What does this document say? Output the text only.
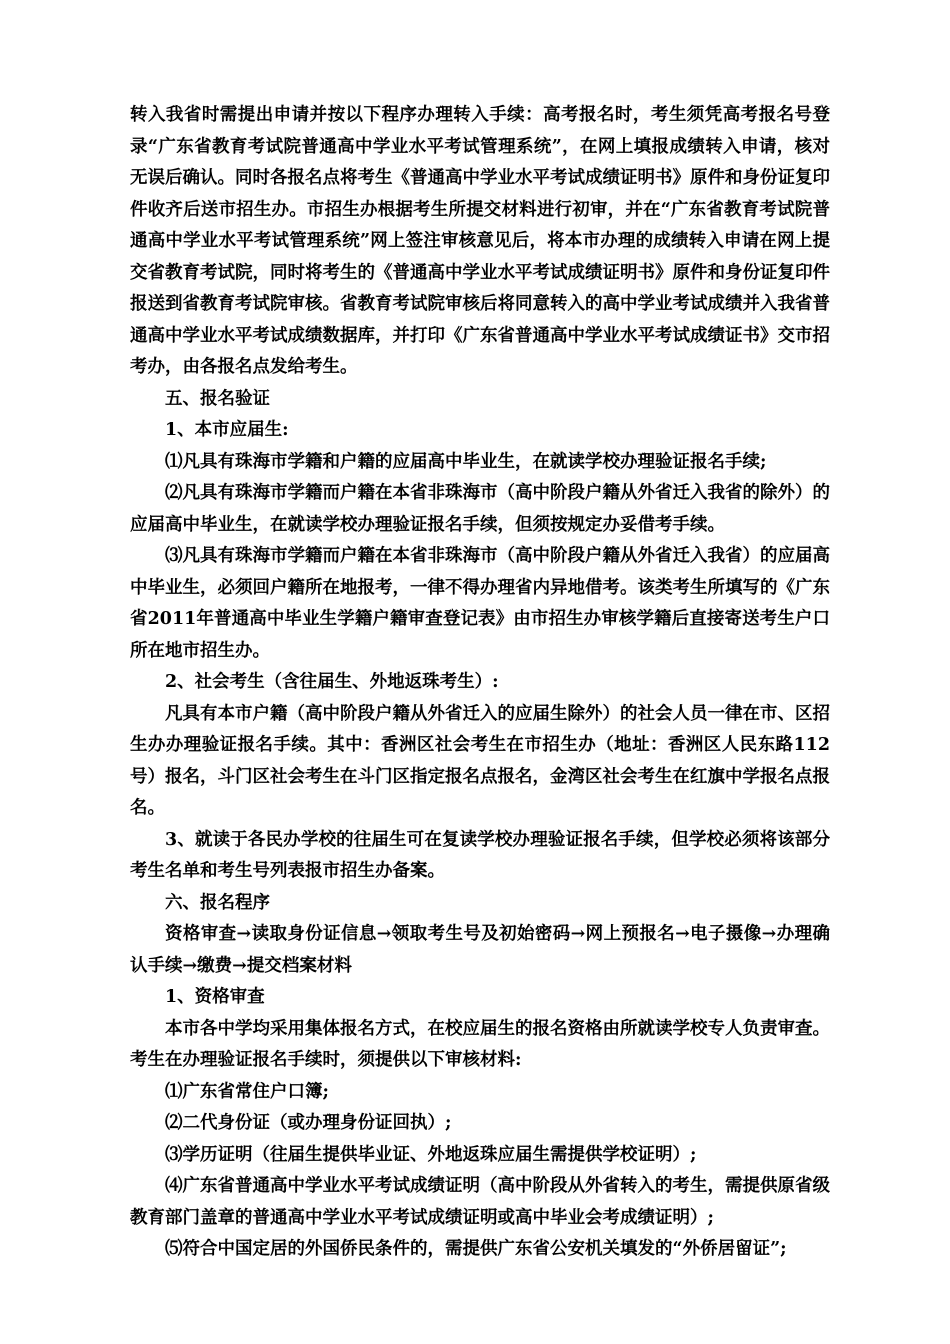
转入我省时需提出申请并按以下程序办理转入手续：高考报名时，考生须凭高考报名号登录“广东省教育考试院普通高中学业水平考试管理系统”，在网上填报成绩转入申请，核对无误后确认。同时各报名点将考生《普通高中学业水平考试成绩证明书》原件和身份证复印件收齐后送市招生办。市招生办根据考生所提交材料进行初审，并在“广东省教育考试院普通高中学业水平考试管理系统”网上签注审核意见后，将本市办理的成绩转入申请在网上提交省教育考试院，同时将考生的《普通高中学业水平考试成绩证明书》原件和身份证复印件报送到省教育考试院审核。省教育考试院审核后将同意转入的高中学业考试成绩并入我省普通高中学业水平考试成绩数据库，并打印《广东省普通高中学业水平考试成绩证书》交市招考办，由各报名点发给考生。

五、报名验证

1、本市应届生:

⑴凡具有珠海市学籍和户籍的应届高中毕业生，在就读学校办理验证报名手续;

⑵凡具有珠海市学籍而户籍在本省非珠海市（高中阶段户籍从外省迁入我省的除外）的应届高中毕业生，在就读学校办理验证报名手续，但须按规定办妥借考手续。

⑶凡具有珠海市学籍而户籍在本省非珠海市（高中阶段户籍从外省迁入我省）的应届高中毕业生，必须回户籍所在地报考，一律不得办理省内异地借考。该类考生所填写的《广东省2011年普通高中毕业生学籍户籍审查登记表》由市招生办审核学籍后直接寄送考生户口所在地市招生办。

2、社会考生（含往届生、外地返珠考生）:

凡具有本市户籍（高中阶段户籍从外省迁入的应届生除外）的社会人员一律在市、区招生办办理验证报名手续。其中：香洲区社会考生在市招生办（地址：香洲区人民东路112号）报名，斗门区社会考生在斗门区指定报名点报名，金湾区社会考生在红旗中学报名点报名。

3、就读于各民办学校的往届生可在复读学校办理验证报名手续，但学校必须将该部分考生名单和考生号列表报市招生办备案。

六、报名程序

资格审查→读取身份证信息→领取考生号及初始密码→网上预报名→电子摄像→办理确认手续→缴费→提交档案材料

1、资格审查

本市各中学均采用集体报名方式，在校应届生的报名资格由所就读学校专人负责审查。考生在办理验证报名手续时，须提供以下审核材料:

⑴广东省常住户口簿;

⑵二代身份证（或办理身份证回执）;

⑶学历证明（往届生提供毕业证、外地返珠应届生需提供学校证明）;

⑷广东省普通高中学业水平考试成绩证明（高中阶段从外省转入的考生，需提供原省级教育部门盖章的普通高中学业水平考试成绩证明或高中毕业会考成绩证明）;

⑸符合中国定居的外国侨民条件的，需提供广东省公安机关填发的“外侨居留证”;
